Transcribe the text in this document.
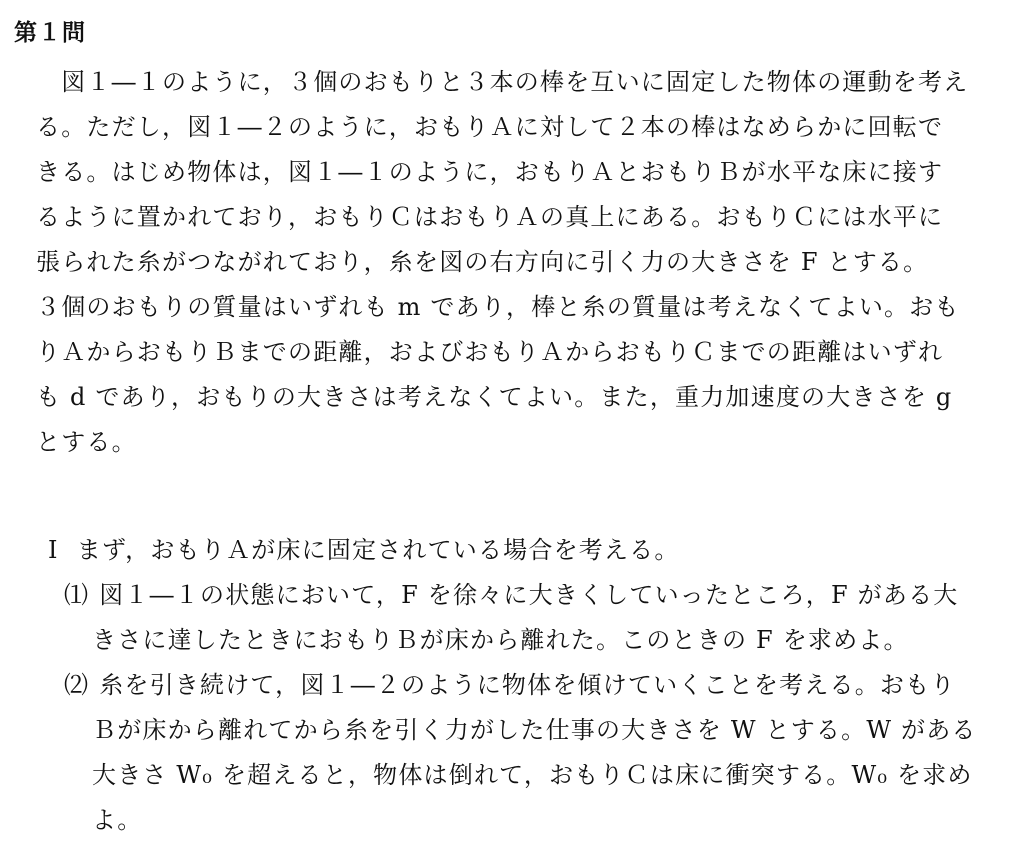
第１問
　図１―１のように，３個のおもりと３本の棒を互いに固定した物体の運動を考え
る。ただし，図１―２のように，おもりＡに対して２本の棒はなめらかに回転で
きる。はじめ物体は，図１―１のように，おもりＡとおもりＢが水平な床に接す
るように置かれており，おもりＣはおもりＡの真上にある。おもりＣには水平に
張られた糸がつながれており，糸を図の右方向に引く力の大きさを F とする。
３個のおもりの質量はいずれも m であり，棒と糸の質量は考えなくてよい。おも
りＡからおもりＢまでの距離，およびおもりＡからおもりＣまでの距離はいずれ
も d であり，おもりの大きさは考えなくてよい。また，重力加速度の大きさを g
とする。
Ⅰ まず，おもりＡが床に固定されている場合を考える。
⑴ 図１―１の状態において，F を徐々に大きくしていったところ，F がある大
きさに達したときにおもりＢが床から離れた。このときの F を求めよ。
⑵ 糸を引き続けて，図１―２のように物体を傾けていくことを考える。おもり
Ｂが床から離れてから糸を引く力がした仕事の大きさを W とする。W がある
大きさ W₀ を超えると，物体は倒れて，おもりＣは床に衝突する。W₀ を求め
よ。
